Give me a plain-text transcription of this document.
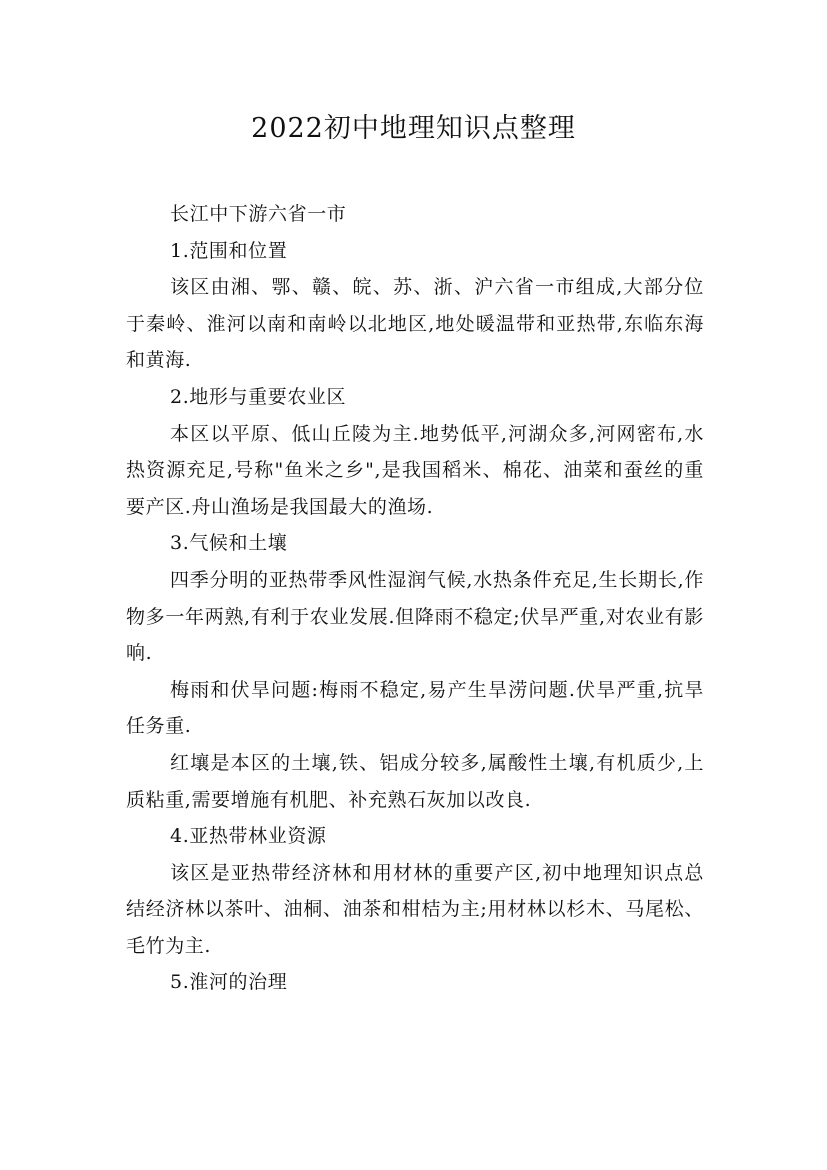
2022初中地理知识点整理

长江中下游六省一市

1.范围和位置

该区由湘、鄂、赣、皖、苏、浙、沪六省一市组成,大部分位于秦岭、淮河以南和南岭以北地区,地处暖温带和亚热带,东临东海和黄海.

2.地形与重要农业区

本区以平原、低山丘陵为主.地势低平,河湖众多,河网密布,水热资源充足,号称"鱼米之乡",是我国稻米、棉花、油菜和蚕丝的重要产区.舟山渔场是我国最大的渔场.

3.气候和土壤

四季分明的亚热带季风性湿润气候,水热条件充足,生长期长,作物多一年两熟,有利于农业发展.但降雨不稳定;伏旱严重,对农业有影响.

梅雨和伏旱问题:梅雨不稳定,易产生旱涝问题.伏旱严重,抗旱任务重.

红壤是本区的土壤,铁、铝成分较多,属酸性土壤,有机质少,上质粘重,需要增施有机肥、补充熟石灰加以改良.

4.亚热带林业资源

该区是亚热带经济林和用材林的重要产区,初中地理知识点总结经济林以茶叶、油桐、油茶和柑桔为主;用材林以杉木、马尾松、毛竹为主.

5.淮河的治理
